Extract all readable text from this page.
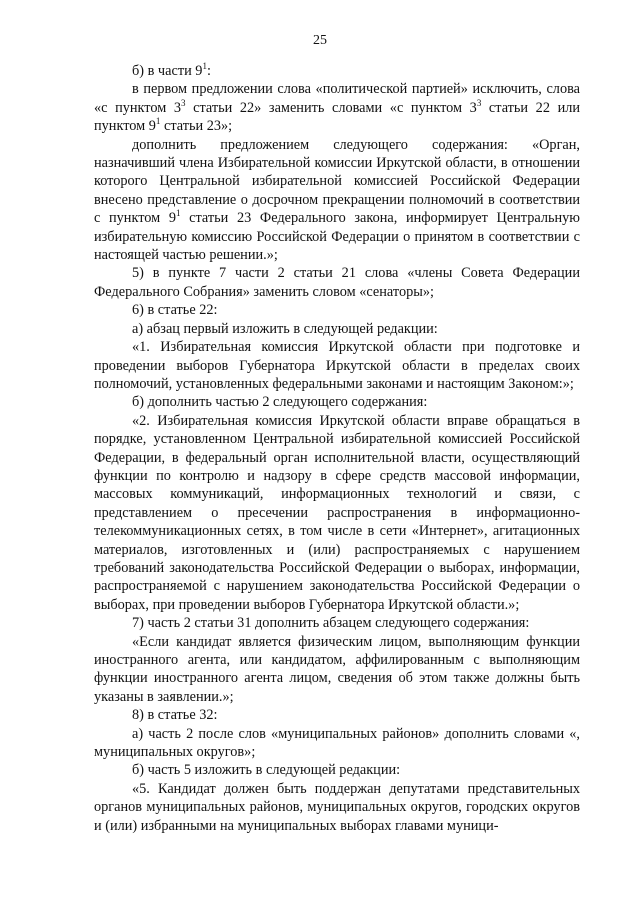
25

б) в части $9^1$:

в первом предложении слова «политической партией» исключить, слова «с пунктом $3^3$ статьи 22» заменить словами «с пунктом $3^3$ статьи 22 или пунктом $9^1$ статьи 23»;

дополнить предложением следующего содержания: «Орган, назначивший члена Избирательной комиссии Иркутской области, в отношении которого Центральной избирательной комиссией Российской Федерации внесено представление о досрочном прекращении полномочий в соответствии с пунктом $9^1$ статьи 23 Федерального закона, информирует Центральную избирательную комиссию Российской Федерации о принятом в соответствии с настоящей частью решении.»;

5) в пункте 7 части 2 статьи 21 слова «члены Совета Федерации Федерального Собрания» заменить словом «сенаторы»;

6) в статье 22:

а) абзац первый изложить в следующей редакции:

«1. Избирательная комиссия Иркутской области при подготовке и проведении выборов Губернатора Иркутской области в пределах своих полномочий, установленных федеральными законами и настоящим Законом:»;

б) дополнить частью 2 следующего содержания:

«2. Избирательная комиссия Иркутской области вправе обращаться в порядке, установленном Центральной избирательной комиссией Российской Федерации, в федеральный орган исполнительной власти, осуществляющий функции по контролю и надзору в сфере средств массовой информации, массовых коммуникаций, информационных технологий и связи, с представлением о пресечении распространения в информационно-телекоммуникационных сетях, в том числе в сети «Интернет», агитационных материалов, изготовленных и (или) распространяемых с нарушением требований законодательства Российской Федерации о выборах, информации, распространяемой с нарушением законодательства Российской Федерации о выборах, при проведении выборов Губернатора Иркутской области.»;

7) часть 2 статьи 31 дополнить абзацем следующего содержания:

«Если кандидат является физическим лицом, выполняющим функции иностранного агента, или кандидатом, аффилированным с выполняющим функции иностранного агента лицом, сведения об этом также должны быть указаны в заявлении.»;

8) в статье 32:

а) часть 2 после слов «муниципальных районов» дополнить словами «, муниципальных округов»;

б) часть 5 изложить в следующей редакции:

«5. Кандидат должен быть поддержан депутатами представительных органов муниципальных районов, муниципальных округов, городских округов и (или) избранными на муниципальных выборах главами муници-
